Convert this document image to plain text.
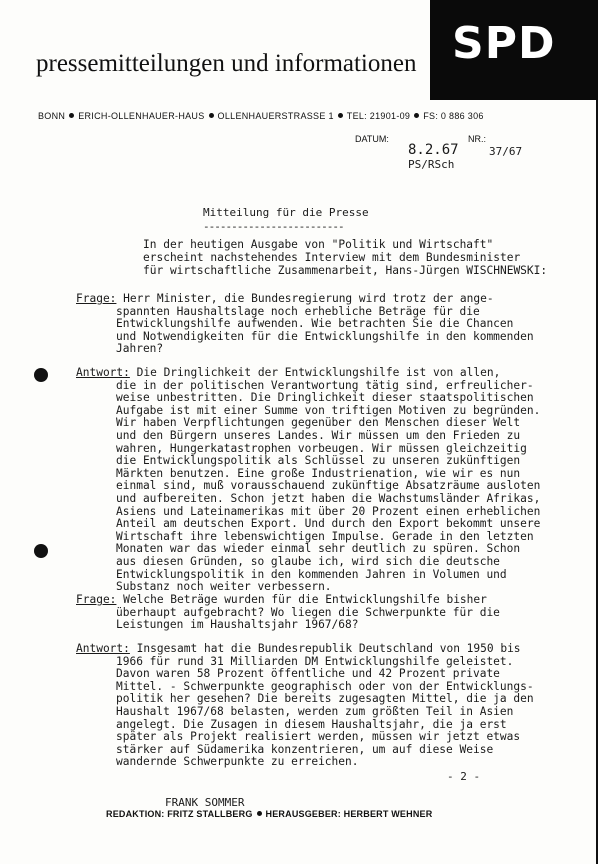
SPD
pressemitteilungen und informationen
BONN ERICH-OLLENHAUER-HAUS OLLENHAUERSTRASSE 1 TEL: 21901-09 FS: 0 886 306
DATUM:	NR.:
8.2.67	37/67
PS/RSch
Mitteilung für die Presse
-------------------------
In der heutigen Ausgabe von "Politik und Wirtschaft"
erscheint nachstehendes Interview mit dem Bundesminister
für wirtschaftliche Zusammenarbeit, Hans-Jürgen WISCHNEWSKI:
Frage: Herr Minister, die Bundesregierung wird trotz der ange-
spannten Haushaltslage noch erhebliche Beträge für die
Entwicklungshilfe aufwenden. Wie betrachten Sie die Chancen
und Notwendigkeiten für die Entwicklungshilfe in den kommenden
Jahren?
Antwort: Die Dringlichkeit der Entwicklungshilfe ist von allen,
die in der politischen Verantwortung tätig sind, erfreulicher-
weise unbestritten. Die Dringlichkeit dieser staatspolitischen
Aufgabe ist mit einer Summe von triftigen Motiven zu begründen.
Wir haben Verpflichtungen gegenüber den Menschen dieser Welt
und den Bürgern unseres Landes. Wir müssen um den Frieden zu
wahren, Hungerkatastrophen vorbeugen. Wir müssen gleichzeitig
die Entwicklungspolitik als Schlüssel zu unseren zukünftigen
Märkten benutzen. Eine große Industrienation, wie wir es nun
einmal sind, muß vorausschauend zukünftige Absatzräume ausloten
und aufbereiten. Schon jetzt haben die Wachstumsländer Afrikas,
Asiens und Lateinamerikas mit über 20 Prozent einen erheblichen
Anteil am deutschen Export. Und durch den Export bekommt unsere
Wirtschaft ihre lebenswichtigen Impulse. Gerade in den letzten
Monaten war das wieder einmal sehr deutlich zu spüren. Schon
aus diesen Gründen, so glaube ich, wird sich die deutsche
Entwicklungspolitik in den kommenden Jahren in Volumen und
Substanz noch weiter verbessern.
Frage: Welche Beträge wurden für die Entwicklungshilfe bisher
überhaupt aufgebracht? Wo liegen die Schwerpunkte für die
Leistungen im Haushaltsjahr 1967/68?
Antwort: Insgesamt hat die Bundesrepublik Deutschland von 1950 bis
1966 für rund 31 Milliarden DM Entwicklungshilfe geleistet.
Davon waren 58 Prozent öffentliche und 42 Prozent private
Mittel. - Schwerpunkte geographisch oder von der Entwicklungs-
politik her gesehen? Die bereits zugesagten Mittel, die ja den
Haushalt 1967/68 belasten, werden zum größten Teil in Asien
angelegt. Die Zusagen in diesem Haushaltsjahr, die ja erst
später als Projekt realisiert werden, müssen wir jetzt etwas
stärker auf Südamerika konzentrieren, um auf diese Weise
wandernde Schwerpunkte zu erreichen.
- 2 -
FRANK SOMMER
REDAKTION: FRITZ STALLBERG HERAUSGEBER: HERBERT WEHNER
